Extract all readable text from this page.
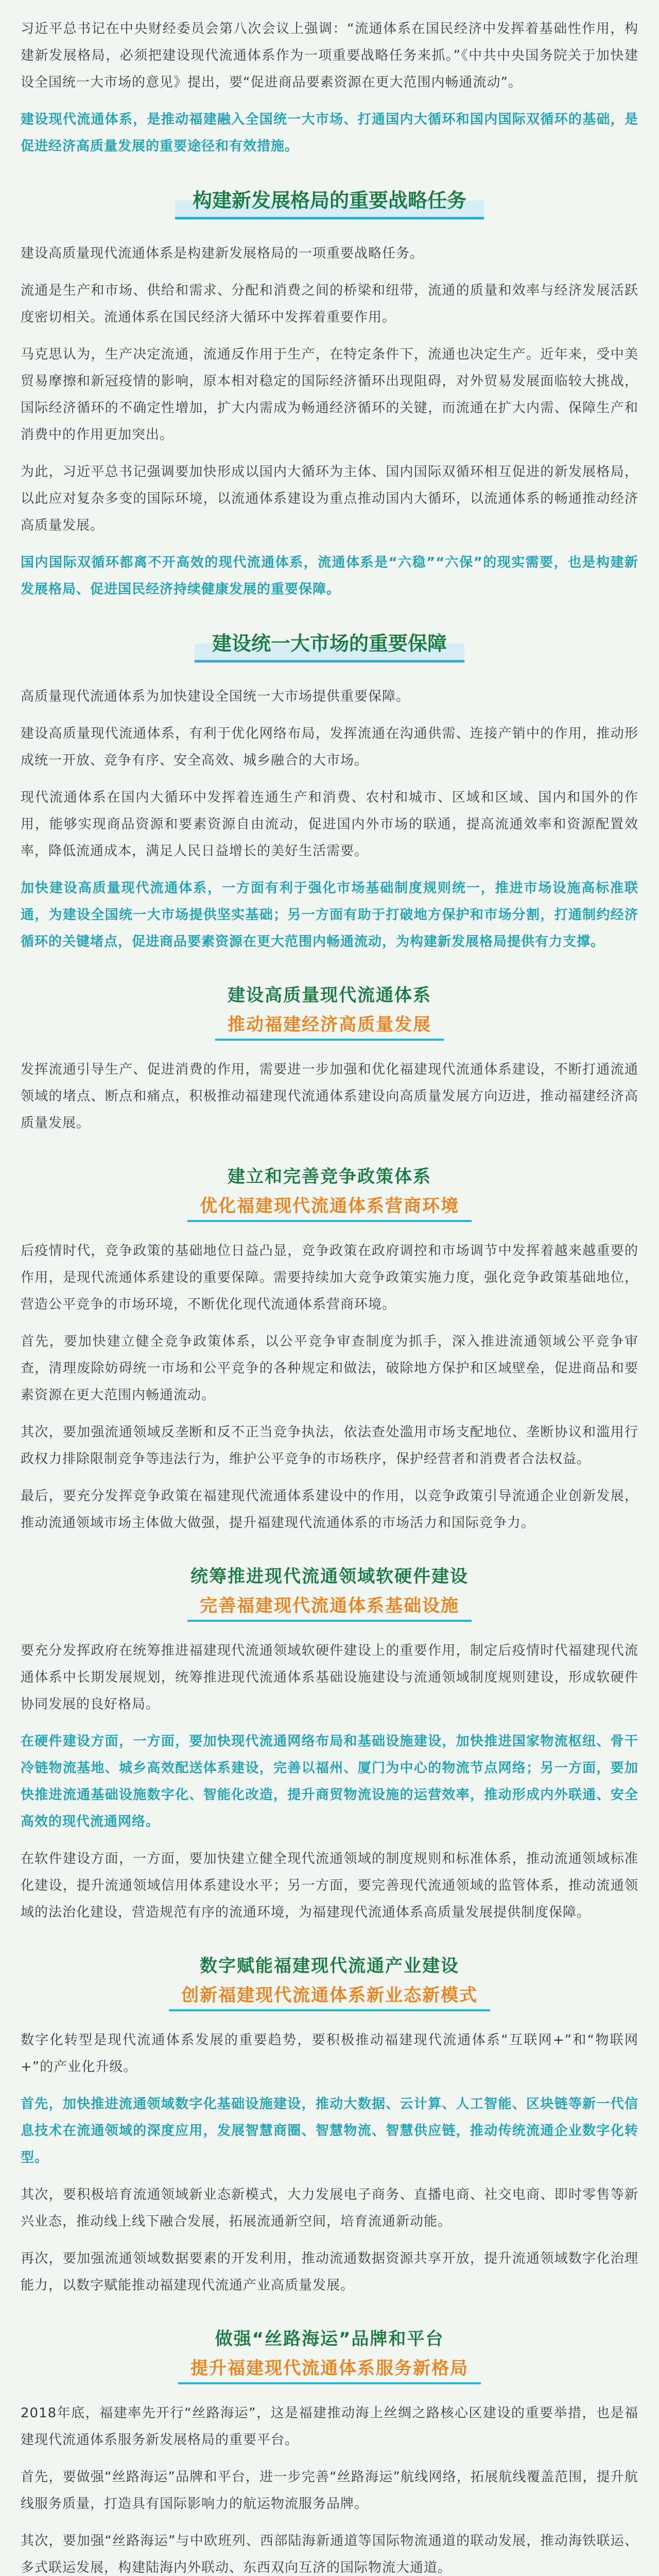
习近平总书记在中央财经委员会第八次会议上强调：“流通体系在国民经济中发挥着基础性作用，构建新发展格局，必须把建设现代流通体系作为一项重要战略任务来抓。”《中共中央国务院关于加快建设全国统一大市场的意见》提出，要“促进商品要素资源在更大范围内畅通流动”。

建设现代流通体系，是推动福建融入全国统一大市场、打通国内大循环和国内国际双循环的基础，是促进经济高质量发展的重要途径和有效措施。

构建新发展格局的重要战略任务

建设高质量现代流通体系是构建新发展格局的一项重要战略任务。

流通是生产和市场、供给和需求、分配和消费之间的桥梁和纽带，流通的质量和效率与经济发展活跃度密切相关。流通体系在国民经济大循环中发挥着重要作用。

马克思认为，生产决定流通，流通反作用于生产，在特定条件下，流通也决定生产。近年来，受中美贸易摩擦和新冠疫情的影响，原本相对稳定的国际经济循环出现阻碍，对外贸易发展面临较大挑战，国际经济循环的不确定性增加，扩大内需成为畅通经济循环的关键，而流通在扩大内需、保障生产和消费中的作用更加突出。

为此，习近平总书记强调要加快形成以国内大循环为主体、国内国际双循环相互促进的新发展格局，以此应对复杂多变的国际环境，以流通体系建设为重点推动国内大循环，以流通体系的畅通推动经济高质量发展。

国内国际双循环都离不开高效的现代流通体系，流通体系是“六稳”“六保”的现实需要，也是构建新发展格局、促进国民经济持续健康发展的重要保障。

建设统一大市场的重要保障

高质量现代流通体系为加快建设全国统一大市场提供重要保障。

建设高质量现代流通体系，有利于优化网络布局，发挥流通在沟通供需、连接产销中的作用，推动形成统一开放、竞争有序、安全高效、城乡融合的大市场。

现代流通体系在国内大循环中发挥着连通生产和消费、农村和城市、区域和区域、国内和国外的作用，能够实现商品资源和要素资源自由流动，促进国内外市场的联通，提高流通效率和资源配置效率，降低流通成本，满足人民日益增长的美好生活需要。

加快建设高质量现代流通体系，一方面有利于强化市场基础制度规则统一，推进市场设施高标准联通，为建设全国统一大市场提供坚实基础；另一方面有助于打破地方保护和市场分割，打通制约经济循环的关键堵点，促进商品要素资源在更大范围内畅通流动，为构建新发展格局提供有力支撑。

建设高质量现代流通体系
推动福建经济高质量发展

发挥流通引导生产、促进消费的作用，需要进一步加强和优化福建现代流通体系建设，不断打通流通领域的堵点、断点和痛点，积极推动福建现代流通体系建设向高质量发展方向迈进，推动福建经济高质量发展。

建立和完善竞争政策体系
优化福建现代流通体系营商环境

后疫情时代，竞争政策的基础地位日益凸显，竞争政策在政府调控和市场调节中发挥着越来越重要的作用，是现代流通体系建设的重要保障。需要持续加大竞争政策实施力度，强化竞争政策基础地位，营造公平竞争的市场环境，不断优化现代流通体系营商环境。

首先，要加快建立健全竞争政策体系，以公平竞争审查制度为抓手，深入推进流通领域公平竞争审查，清理废除妨碍统一市场和公平竞争的各种规定和做法，破除地方保护和区域壁垒，促进商品和要素资源在更大范围内畅通流动。

其次，要加强流通领域反垄断和反不正当竞争执法，依法查处滥用市场支配地位、垄断协议和滥用行政权力排除限制竞争等违法行为，维护公平竞争的市场秩序，保护经营者和消费者合法权益。

最后，要充分发挥竞争政策在福建现代流通体系建设中的作用，以竞争政策引导流通企业创新发展，推动流通领域市场主体做大做强，提升福建现代流通体系的市场活力和国际竞争力。

统筹推进现代流通领域软硬件建设
完善福建现代流通体系基础设施

要充分发挥政府在统筹推进福建现代流通领域软硬件建设上的重要作用，制定后疫情时代福建现代流通体系中长期发展规划，统筹推进现代流通体系基础设施建设与流通领域制度规则建设，形成软硬件协同发展的良好格局。

在硬件建设方面，一方面，要加快现代流通网络布局和基础设施建设，加快推进国家物流枢纽、骨干冷链物流基地、城乡高效配送体系建设，完善以福州、厦门为中心的物流节点网络；另一方面，要加快推进流通基础设施数字化、智能化改造，提升商贸物流设施的运营效率，推动形成内外联通、安全高效的现代流通网络。

在软件建设方面，一方面，要加快建立健全现代流通领域的制度规则和标准体系，推动流通领域标准化建设，提升流通领域信用体系建设水平；另一方面，要完善现代流通领域的监管体系，推动流通领域的法治化建设，营造规范有序的流通环境，为福建现代流通体系高质量发展提供制度保障。

数字赋能福建现代流通产业建设
创新福建现代流通体系新业态新模式

数字化转型是现代流通体系发展的重要趋势，要积极推动福建现代流通体系“互联网+”和“物联网+”的产业化升级。

首先，加快推进流通领域数字化基础设施建设，推动大数据、云计算、人工智能、区块链等新一代信息技术在流通领域的深度应用，发展智慧商圈、智慧物流、智慧供应链，推动传统流通企业数字化转型。

其次，要积极培育流通领域新业态新模式，大力发展电子商务、直播电商、社交电商、即时零售等新兴业态，推动线上线下融合发展，拓展流通新空间，培育流通新动能。

再次，要加强流通领域数据要素的开发利用，推动流通数据资源共享开放，提升流通领域数字化治理能力，以数字赋能推动福建现代流通产业高质量发展。

做强“丝路海运”品牌和平台
提升福建现代流通体系服务新格局

2018年底，福建率先开行“丝路海运”，这是福建推动海上丝绸之路核心区建设的重要举措，也是福建现代流通体系服务新发展格局的重要平台。

首先，要做强“丝路海运”品牌和平台，进一步完善“丝路海运”航线网络，拓展航线覆盖范围，提升航线服务质量，打造具有国际影响力的航运物流服务品牌。

其次，要加强“丝路海运”与中欧班列、西部陆海新通道等国际物流通道的联动发展，推动海铁联运、多式联运发展，构建陆海内外联动、东西双向互济的国际物流大通道。
